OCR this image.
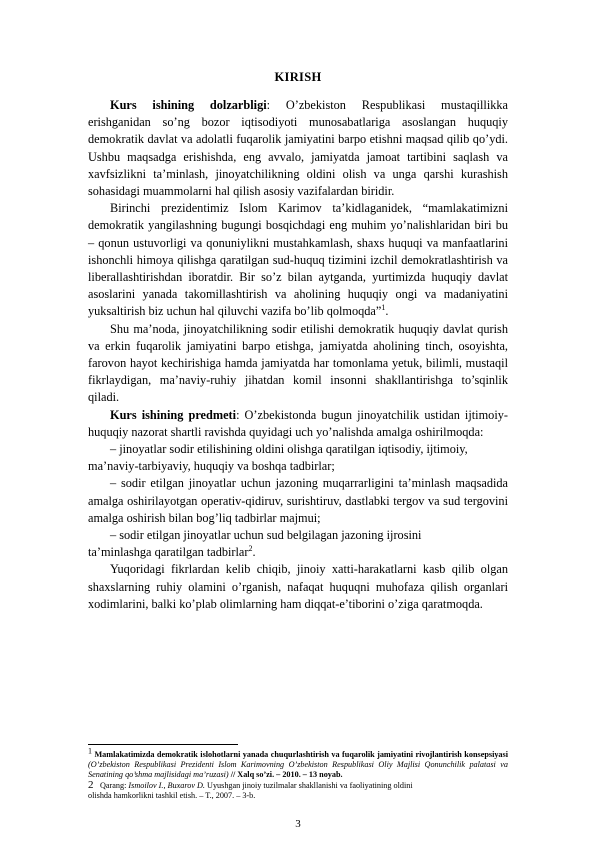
KIRISH

Kurs ishining dolzarbligi: O’zbekiston Respublikasi mustaqillikka erishganidan so’ng bozor iqtisodiyoti munosabatlariga asoslangan huquqiy demokratik davlat va adolatli fuqarolik jamiyatini barpo etishni maqsad qilib qo’ydi. Ushbu maqsadga erishishda, eng avvalo, jamiyatda jamoat tartibini saqlash va xavfsizlikni ta’minlash, jinoyatchilikning oldini olish va unga qarshi kurashish sohasidagi muammolarni hal qilish asosiy vazifalardan biridir.

Birinchi prezidentimiz Islom Karimov ta’kidlaganidek, “mamlakatimizni demokratik yangilashning bugungi bosqichdagi eng muhim yo’nalishlaridan biri bu – qonun ustuvorligi va qonuniylikni mustahkamlash, shaxs huquqi va manfaatlarini ishonchli himoya qilishga qaratilgan sud-huquq tizimini izchil demokratlashtirish va liberallashtirishdan iboratdir. Bir so’z bilan aytganda, yurtimizda huquqiy davlat asoslarini yanada takomillashtirish va aholining huquqiy ongi va madaniyatini yuksaltirish biz uchun hal qiluvchi vazifa bo’lib qolmoqda”$^1$.

Shu ma’noda, jinoyatchilikning sodir etilishi demokratik huquqiy davlat qurish va erkin fuqarolik jamiyatini barpo etishga, jamiyatda aholining tinch, osoyishta, farovon hayot kechirishiga hamda jamiyatda har tomonlama yetuk, bilimli, mustaqil fikrlaydigan, ma’naviy-ruhiy jihatdan komil insonni shakllantirishga to’sqinlik qiladi.

Kurs ishining predmeti: O’zbekistonda bugun jinoyatchilik ustidan ijtimoiy-huquqiy nazorat shartli ravishda quyidagi uch yo’nalishda amalga oshirilmoqda:

– jinoyatlar sodir etilishining oldini olishga qaratilgan iqtisodiy, ijtimoiy,

ma’naviy-tarbiyaviy, huquqiy va boshqa tadbirlar;

– sodir etilgan jinoyatlar uchun jazoning muqarrarligini ta’minlash maqsadida amalga oshirilayotgan operativ-qidiruv, surishtiruv, dastlabki tergov va sud tergovini amalga oshirish bilan bog’liq tadbirlar majmui;

– sodir etilgan jinoyatlar uchun sud belgilagan jazoning ijrosini

ta’minlashga qaratilgan tadbirlar$^2$.

Yuqoridagi fikrlardan kelib chiqib, jinoiy xatti-harakatlarni kasb qilib olgan shaxslarning ruhiy olamini o’rganish, nafaqat huquqni muhofaza qilish organlari xodimlarini, balki ko’plab olimlarning ham diqqat-e’tiborini o’ziga qaratmoqda.

$^1$ Mamlakatimizda demokratik islohotlarni yanada chuqurlashtirish va fuqarolik jamiyatini rivojlantirish konsepsiyasi (O’zbekiston Respublikasi Prezidenti Islom Karimovning O’zbekiston Respublikasi Oliy Majlisi Qonunchilik palatasi va Senatining qo’shma majlisidagi ma’ruzasi) // Xalq so’zi. – 2010. – 13 noyab.

2 Qarang: Ismoilov I., Buxarov D. Uyushgan jinoiy tuzilmalar shakllanishi va faoliyatining oldini

olishda hamkorlikni tashkil etish. – T., 2007. – 3-b.

3
